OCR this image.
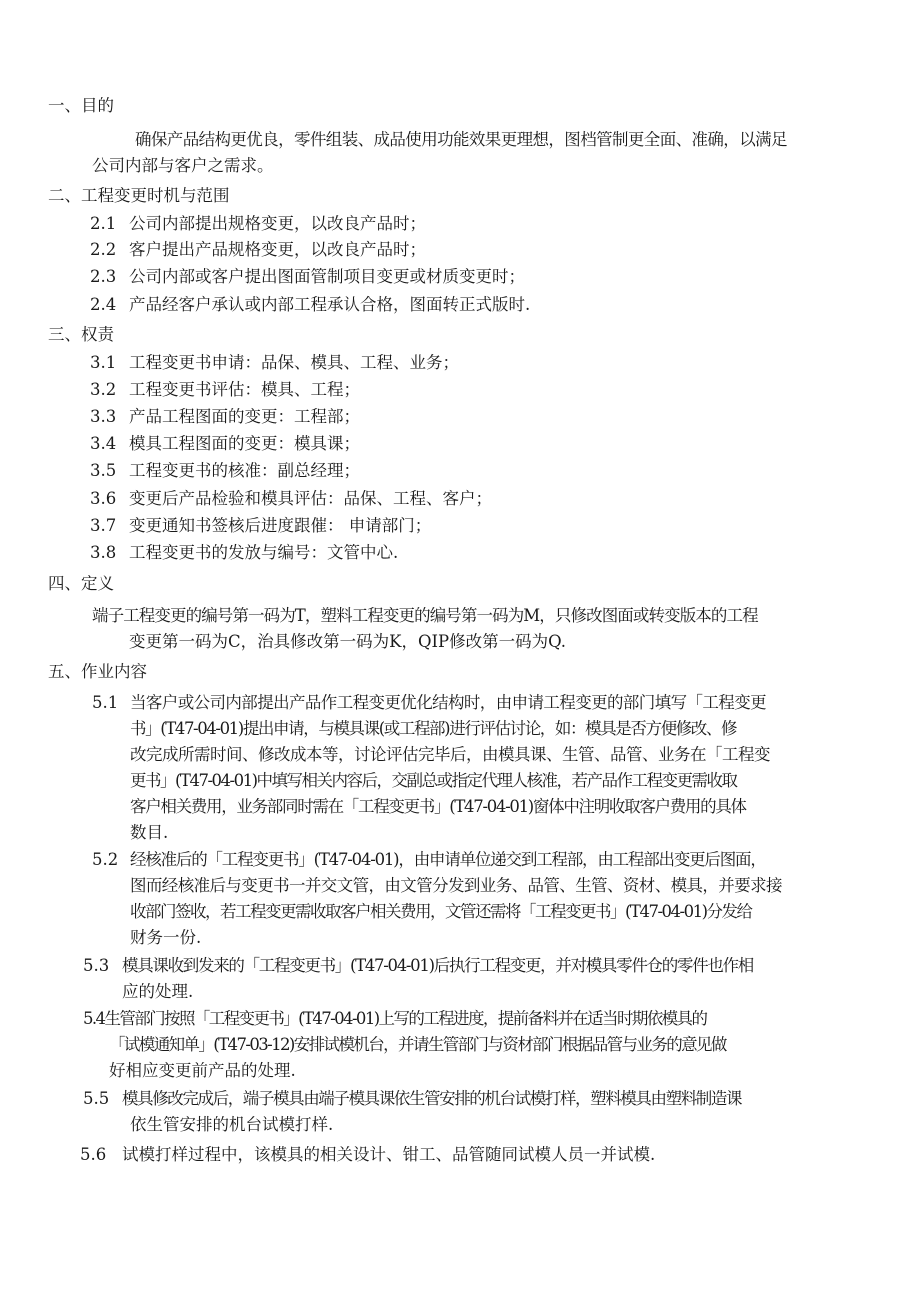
一、目的
确保产品结构更优良，零件组装、成品使用功能效果更理想，图档管制更全面、准确，以满足
公司内部与客户之需求。
二、工程变更时机与范围
2.1 公司内部提出规格变更，以改良产品时；
2.2 客户提出产品规格变更，以改良产品时；
2.3 公司内部或客户提出图面管制项目变更或材质变更时；
2.4 产品经客户承认或内部工程承认合格，图面转正式版时.
三、权责
3.1 工程变更书申请：品保、模具、工程、业务；
3.2 工程变更书评估：模具、工程；
3.3 产品工程图面的变更：工程部；
3.4 模具工程图面的变更：模具课；
3.5 工程变更书的核准：副总经理；
3.6 变更后产品检验和模具评估：品保、工程、客户；
3.7 变更通知书签核后进度跟催： 申请部门；
3.8 工程变更书的发放与编号：文管中心.
四、定义
端子工程变更的编号第一码为T，塑料工程变更的编号第一码为M，只修改图面或转变版本的工程
变更第一码为C，治具修改第一码为K，QIP修改第一码为Q.
五、作业内容
5.1 当客户或公司内部提出产品作工程变更优化结构时，由申请工程变更的部门填写「工程变更
书」(T47-04-01)提出申请，与模具课(或工程部)进行评估讨论，如：模具是否方便修改、修
改完成所需时间、修改成本等，讨论评估完毕后，由模具课、生管、品管、业务在「工程变
更书」(T47-04-01)中填写相关内容后，交副总或指定代理人核准，若产品作工程变更需收取
客户相关费用，业务部同时需在「工程变更书」(T47-04-01)窗体中注明收取客户费用的具体
数目.
5.2 经核准后的「工程变更书」(T47-04-01)，由申请单位递交到工程部，由工程部出变更后图面，
图而经核准后与变更书一并交文管，由文管分发到业务、品管、生管、资材、模具，并要求接
收部门签收，若工程变更需收取客户相关费用，文管还需将「工程变更书」(T47-04-01)分发给
财务一份.
5.3 模具课收到发来的「工程变更书」(T47-04-01)后执行工程变更，并对模具零件仓的零件也作相
应的处理.
5.4生管部门按照「工程变更书」(T47-04-01)上写的工程进度，提前备料并在适当时期依模具的
「试模通知单」(T47-03-12)安排试模机台，并请生管部门与资材部门根据品管与业务的意见做
好相应变更前产品的处理.
5.5 模具修改完成后，端子模具由端子模具课依生管安排的机台试模打样，塑料模具由塑料制造课
依生管安排的机台试模打样.
5.6 试模打样过程中，该模具的相关设计、钳工、品管随同试模人员一并试模.
